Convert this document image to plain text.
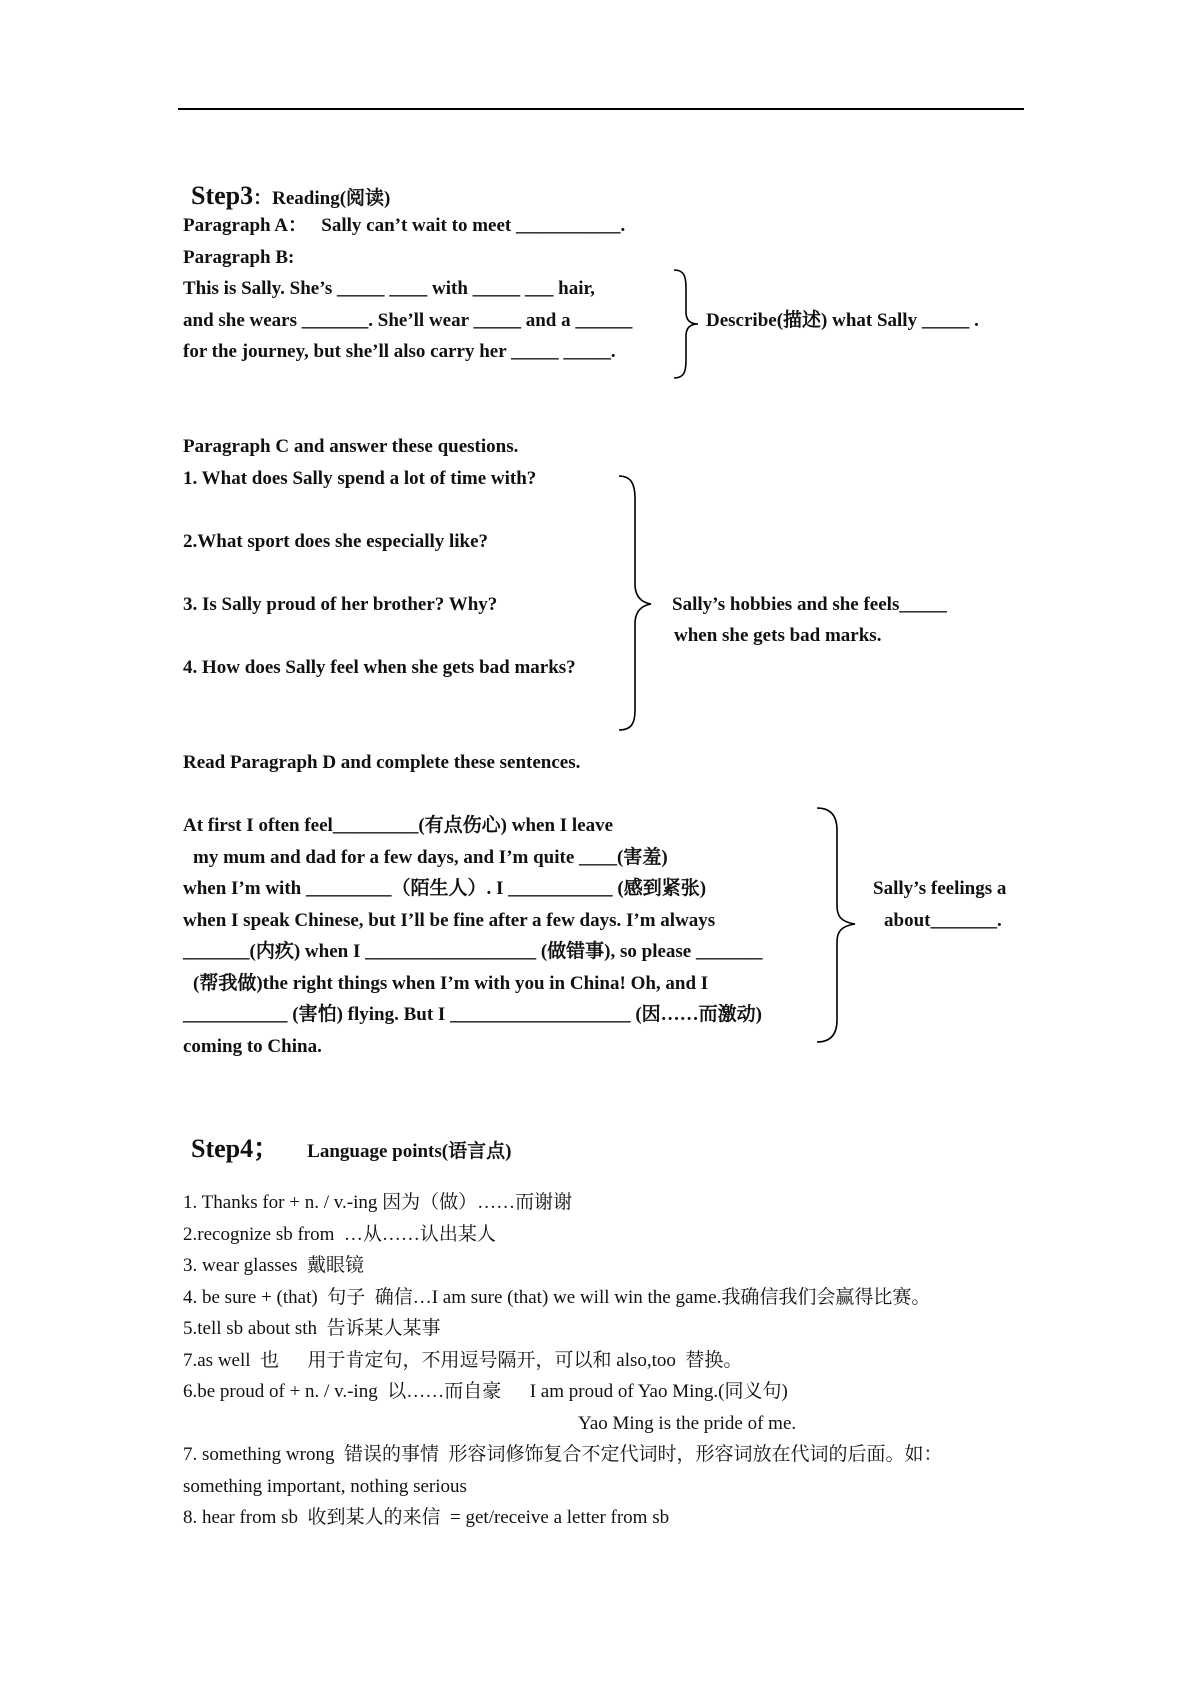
Step3：Reading(阅读)

Paragraph A：   Sally can’t wait to meet ___________.
Paragraph B:
This is Sally. She’s _____ ____ with _____ ___ hair,
and she wears _______. She’ll wear _____ and a ______
for the journey, but she’ll also carry her _____ _____.
Describe(描述) what Sally _____ .
Paragraph C and answer these questions.
1. What does Sally spend a lot of time with?
2.What sport does she especially like?
3. Is Sally proud of her brother? Why?
4. How does Sally feel when she gets bad marks?
Sally’s hobbies and she feels_____
when she gets bad marks.
Read Paragraph D and complete these sentences.
At first I often feel_________(有点伤心) when I leave
my mum and dad for a few days, and I’m quite ____(害羞)
when I’m with _________（陌生人）. I ___________ (感到紧张)
when I speak Chinese, but I’ll be fine after a few days. I’m always
_______(内疚) when I __________________ (做错事), so please _______
(帮我做)the right things when I’m with you in China! Oh, and I
___________ (害怕) flying. But I ___________________ (因……而激动)
coming to China.
Sally’s feelings a
about_______.

Step4； Language points(语言点)

1. Thanks for + n. / v.-ing 因为（做）……而谢谢
2.recognize sb from  …从……认出某人
3. wear glasses  戴眼镜
4. be sure + (that)  句子  确信…I am sure (that) we will win the game.我确信我们会赢得比赛。
5.tell sb about sth  告诉某人某事
7.as well  也      用于肯定句，不用逗号隔开，可以和 also,too  替换。
6.be proud of + n. / v.-ing  以……而自豪      I am proud of Yao Ming.(同义句)
Yao Ming is the pride of me.
7. something wrong  错误的事情  形容词修饰复合不定代词时，形容词放在代词的后面。如：
something important, nothing serious
8. hear from sb  收到某人的来信  = get/receive a letter from sb
